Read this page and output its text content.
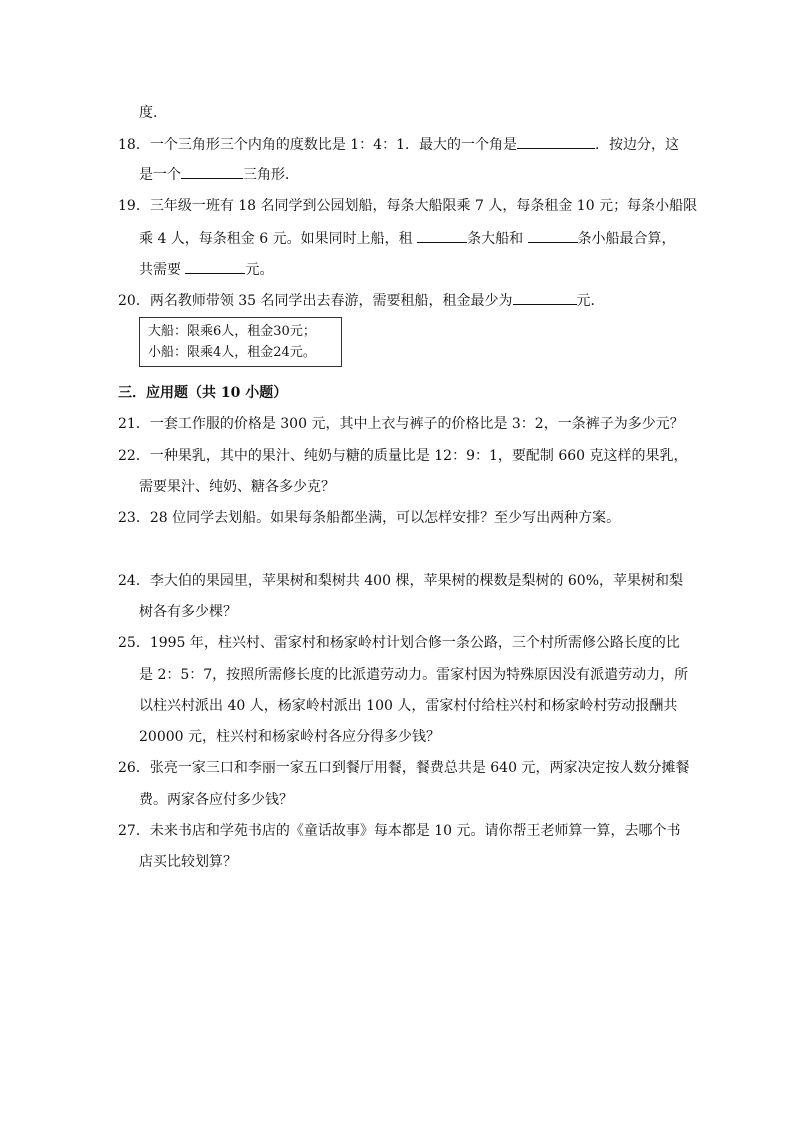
度．
18．一个三角形三个内角的度数比是 1：4：1．最大的一个角是	．按边分，这
是一个	三角形．
19．三年级一班有 18 名同学到公园划船，每条大船限乘 7 人，每条租金 10 元；每条小船限
乘 4 人，每条租金 6 元。如果同时上船，租	条大船和	条小船最合算，
共需要	元。
20．两名教师带领 35 名同学出去春游，需要租船，租金最少为	元．
大船：限乘6人，租金30元；
小船：限乘4人，租金24元。
三．应用题（共 10 小题）
21．一套工作服的价格是 300 元，其中上衣与裤子的价格比是 3：2，一条裤子为多少元？
22．一种果乳，其中的果汁、纯奶与糖的质量比是 12：9：1，要配制 660 克这样的果乳，
需要果汁、纯奶、糖各多少克？
23．28 位同学去划船。如果每条船都坐满，可以怎样安排？至少写出两种方案。
24．李大伯的果园里，苹果树和梨树共 400 棵，苹果树的棵数是梨树的 60%，苹果树和梨
树各有多少棵？
25．1995 年，柱兴村、雷家村和杨家岭村计划合修一条公路，三个村所需修公路长度的比
是 2：5：7，按照所需修长度的比派遣劳动力。雷家村因为特殊原因没有派遣劳动力，所
以柱兴村派出 40 人，杨家岭村派出 100 人，雷家村付给柱兴村和杨家岭村劳动报酬共
20000 元，柱兴村和杨家岭村各应分得多少钱？
26．张亮一家三口和李丽一家五口到餐厅用餐，餐费总共是 640 元，两家决定按人数分摊餐
费。两家各应付多少钱？
27．未来书店和学苑书店的《童话故事》每本都是 10 元。请你帮王老师算一算，去哪个书
店买比较划算？
